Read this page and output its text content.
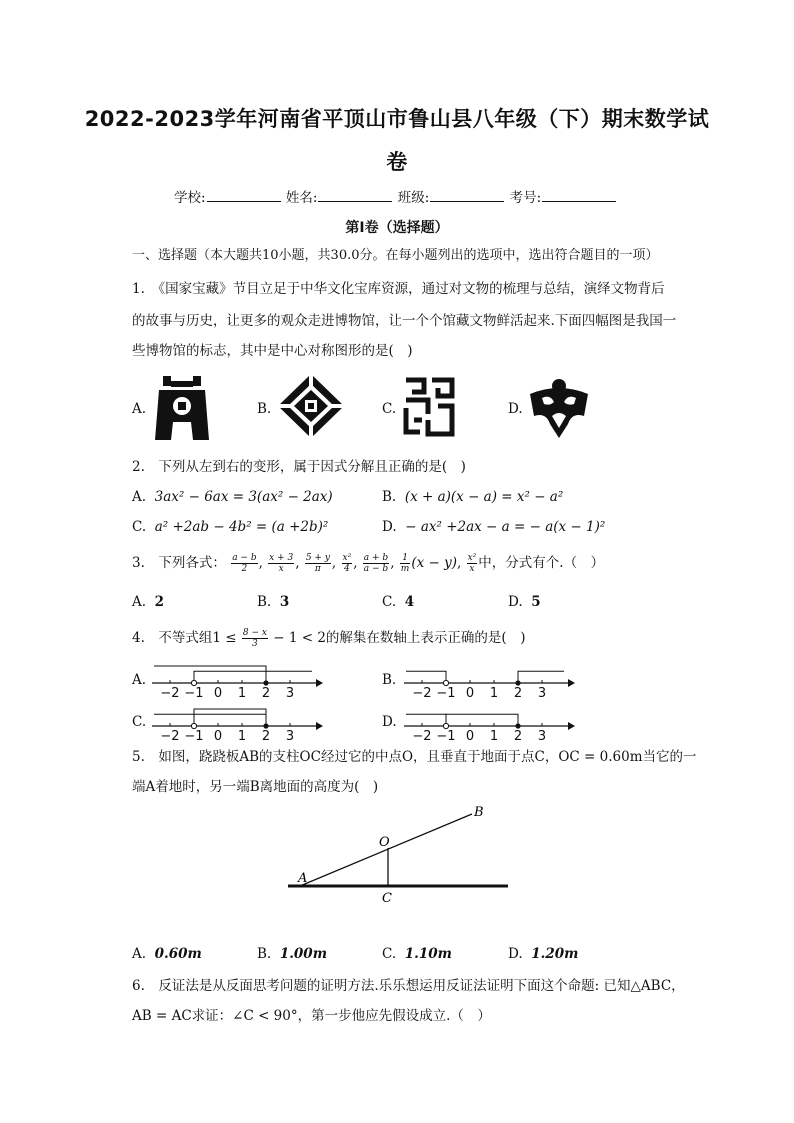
2022-2023学年河南省平顶山市鲁山县八年级（下）期末数学试
卷
学校:	姓名:	班级:	考号:
第I卷（选择题）
一、选择题（本大题共10小题，共30.0分。在每小题列出的选项中，选出符合题目的一项）
1.　《国家宝藏》节目立足于中华文化宝库资源，通过对文物的梳理与总结，演绎文物背后
的故事与历史，让更多的观众走进博物馆，让一个个馆藏文物鲜活起来.下面四幅图是我国一
些博物馆的标志，其中是中心对称图形的是(　)
A.	B.	C.	D.
2.　下列从左到右的变形，属于因式分解且正确的是(　)
A. 3ax² − 6ax = 3(ax² − 2ax)	B. (x + a)(x − a) = x² − a²
C. a² +2ab − 4b² = (a +2b)²	D. − ax² +2ax − a = − a(x − 1)²
3.　下列各式： $\frac{a - b}{2}$ , $\frac{x + 3}{x}$ , $\frac{5 + y}{\pi}$ , $\frac{\text{x²}}{4}$ , $\frac{a + b}{a - b}$ , $\frac{1}{m} (x - y)$, $\frac{\text{x²}}{x}$ 中，分式有个.（　）
A. 2	B. 3	C. 4	D. 5
4.　不等式组$1 \le \frac{8 - x}{3} - 1 < 2$的解集在数轴上表示正确的是(　)
A.	B.
C.	D.
−2 −1 0 1 2 3	−2 −1 0 1 2 3
−2 −1 0 1 2 3	−2 −1 0 1 2 3
5.　如图，跷跷板AB的支柱OC经过它的中点O，且垂直于地面于点C，OC = 0.60m当它的一
端A着地时，另一端B离地面的高度为(　)
A
B
O
C
A. 0.60m	B. 1.00m	C. 1.10m	D. 1.20m
6.　反证法是从反面思考问题的证明方法.乐乐想运用反证法证明下面这个命题: 已知△ABC，
AB = AC求证：∠C < 90°，第一步他应先假设成立.（　）
